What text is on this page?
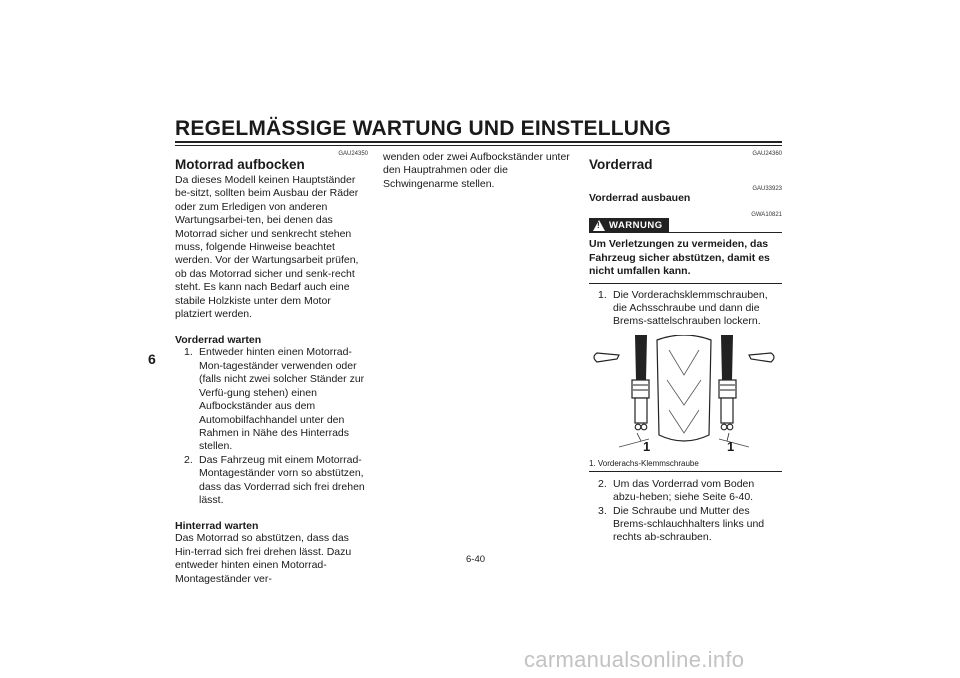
REGELMÄSSIGE WARTUNG UND EINSTELLUNG
6
GAU24350
Motorrad aufbocken
Da dieses Modell keinen Hauptständer be-sitzt, sollten beim Ausbau der Räder oder zum Erledigen von anderen Wartungsarbei-ten, bei denen das Motorrad sicher und senkrecht stehen muss, folgende Hinweise beachtet werden. Vor der Wartungsarbeit prüfen, ob das Motorrad sicher und senk-recht steht. Es kann nach Bedarf auch eine stabile Holzkiste unter dem Motor platziert werden.
Vorderrad warten
1. Entweder hinten einen Motorrad-Mon-tageständer verwenden oder (falls nicht zwei solcher Ständer zur Verfü-gung stehen) einen Aufbockständer aus dem Automobilfachhandel unter den Rahmen in Nähe des Hinterrads stellen.
2. Das Fahrzeug mit einem Motorrad-Montageständer vorn so abstützen, dass das Vorderrad sich frei drehen lässt.
Hinterrad warten
Das Motorrad so abstützen, dass das Hin-terrad sich frei drehen lässt. Dazu entweder hinten einen Motorrad-Montageständer ver-
wenden oder zwei Aufbockständer unter den Hauptrahmen oder die Schwingenarme stellen.
GAU24360
Vorderrad
GAU33923
Vorderrad ausbauen
GWA10821
! WARNUNG
Um Verletzungen zu vermeiden, das Fahrzeug sicher abstützen, damit es nicht umfallen kann.
1. Die Vorderachsklemmschrauben, die Achsschraube und dann die Brems-sattelschrauben lockern.
1	1
1. Vorderachs-Klemmschraube
2. Um das Vorderrad vom Boden abzu-heben; siehe Seite 6-40.
3. Die Schraube und Mutter des Brems-schlauchhalters links und rechts ab-schrauben.
6-40
carmanualsonline.info
